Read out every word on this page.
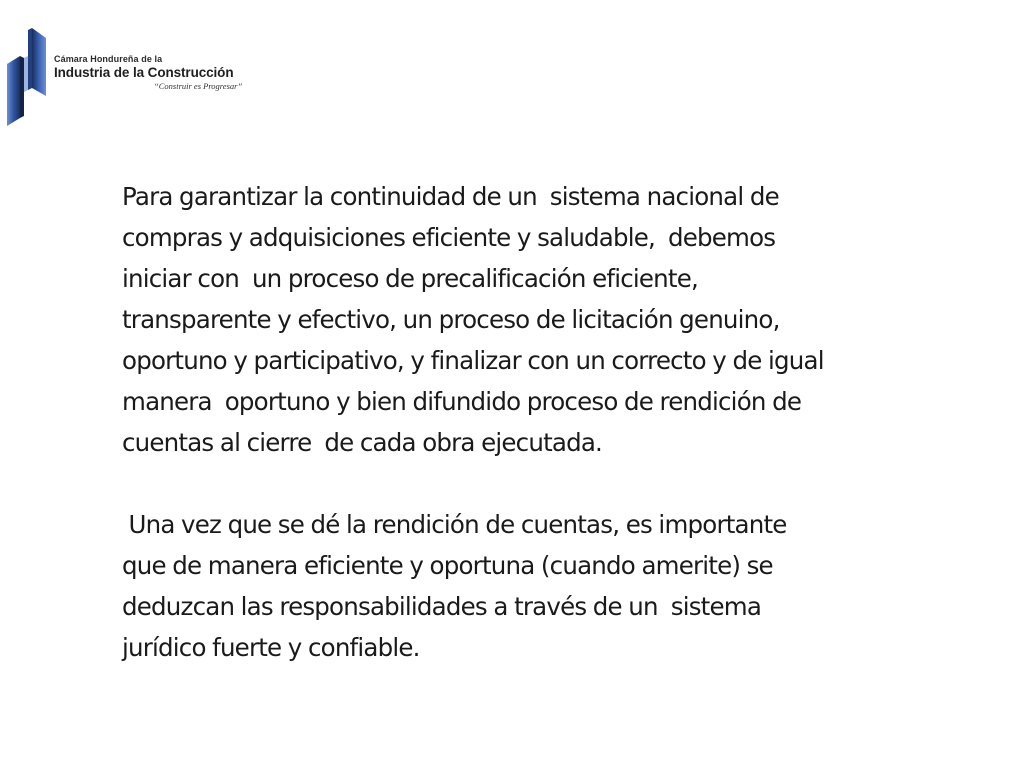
Cámara Hondureña de la
Industria de la Construcción
“Construir es Progresar”

Para garantizar la continuidad de un  sistema nacional de

compras y adquisiciones eficiente y saludable,  debemos

iniciar con  un proceso de precalificación eficiente,

transparente y efectivo, un proceso de licitación genuino,

oportuno y participativo, y finalizar con un correcto y de igual

manera  oportuno y bien difundido proceso de rendición de

cuentas al cierre  de cada obra ejecutada.

Una vez que se dé la rendición de cuentas, es importante

que de manera eficiente y oportuna (cuando amerite) se

deduzcan las responsabilidades a través de un  sistema

jurídico fuerte y confiable.
